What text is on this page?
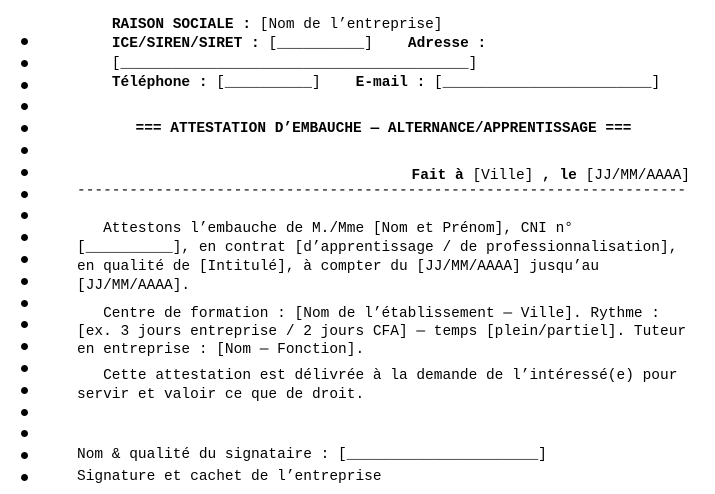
RAISON SOCIALE : [Nom de l’entreprise]

ICE/SIREN/SIRET : [__________] Adresse :

[________________________________________]

Téléphone : [__________] E-mail : [________________________]

=== ATTESTATION D’EMBAUCHE — ALTERNANCE/APPRENTISSAGE ===

Fait à [Ville] , le [JJ/MM/AAAA]

----------------------------------------------------------------------
Attestons l’embauche de M./Mme [Nom et Prénom], CNI n°
[__________], en contrat [d’apprentissage / de professionnalisation],
en qualité de [Intitulé], à compter du [JJ/MM/AAAA] jusqu’au
[JJ/MM/AAAA].
Centre de formation : [Nom de l’établissement — Ville]. Rythme :
[ex. 3 jours entreprise / 2 jours CFA] — temps [plein/partiel]. Tuteur
en entreprise : [Nom — Fonction].
Cette attestation est délivrée à la demande de l’intéressé(e) pour
servir et valoir ce que de droit.
Nom & qualité du signataire : [______________________]
Signature et cachet de l’entreprise
